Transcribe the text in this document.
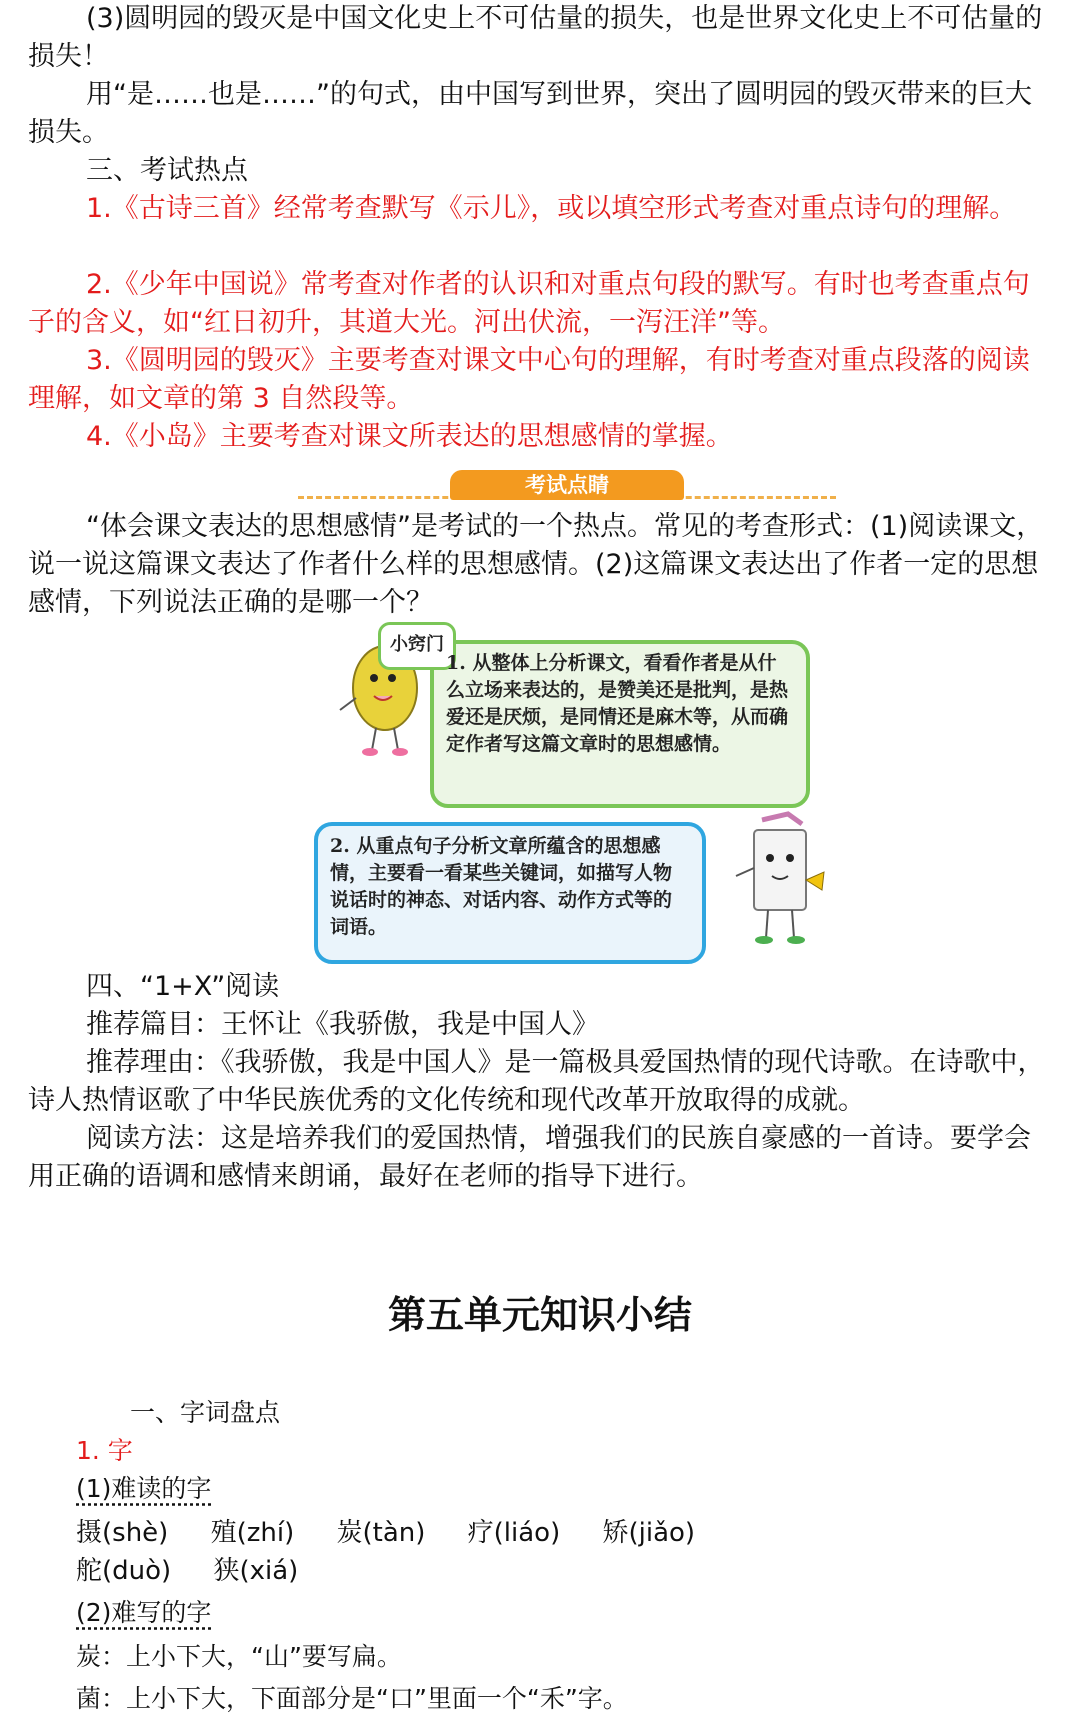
(3)圆明园的毁灭是中国文化史上不可估量的损失，也是世界文化史上不可估量的损失！

用“是……也是……”的句式，由中国写到世界，突出了圆明园的毁灭带来的巨大损失。

三、考试热点

1.《古诗三首》经常考查默写《示儿》，或以填空形式考查对重点诗句的理解。

2.《少年中国说》常考查对作者的认识和对重点句段的默写。有时也考查重点句子的含义，如“红日初升，其道大光。河出伏流，一泻汪洋”等。

3.《圆明园的毁灭》主要考查对课文中心句的理解，有时考查对重点段落的阅读理解，如文章的第 3 自然段等。

4.《小岛》主要考查对课文所表达的思想感情的掌握。

考试点睛

“体会课文表达的思想感情”是考试的一个热点。常见的考查形式：(1)阅读课文，说一说这篇课文表达了作者什么样的思想感情。(2)这篇课文表达出了作者一定的思想感情，下列说法正确的是哪一个？

小窍门

1. 从整体上分析课文，看看作者是从什么立场来表达的，是赞美还是批判，是热爱还是厌烦，是同情还是麻木等，从而确定作者写这篇文章时的思想感情。

2. 从重点句子分析文章所蕴含的思想感情，主要看一看某些关键词，如描写人物说话时的神态、对话内容、动作方式等的词语。

四、“1+X”阅读

推荐篇目：王怀让《我骄傲，我是中国人》

推荐理由：《我骄傲，我是中国人》是一篇极具爱国热情的现代诗歌。在诗歌中，诗人热情讴歌了中华民族优秀的文化传统和现代改革开放取得的成就。

阅读方法：这是培养我们的爱国热情，增强我们的民族自豪感的一首诗。要学会用正确的语调和感情来朗诵，最好在老师的指导下进行。

第五单元知识小结

一、字词盘点

1. 字

(1)难读的字

摄(shè) 殖(zhí) 炭(tàn) 疗(liáo) 矫(jiǎo)
舵(duò) 狭(xiá)

(2)难写的字

炭：上小下大，“山”要写扁。

菌：上小下大，下面部分是“口”里面一个“禾”字。
